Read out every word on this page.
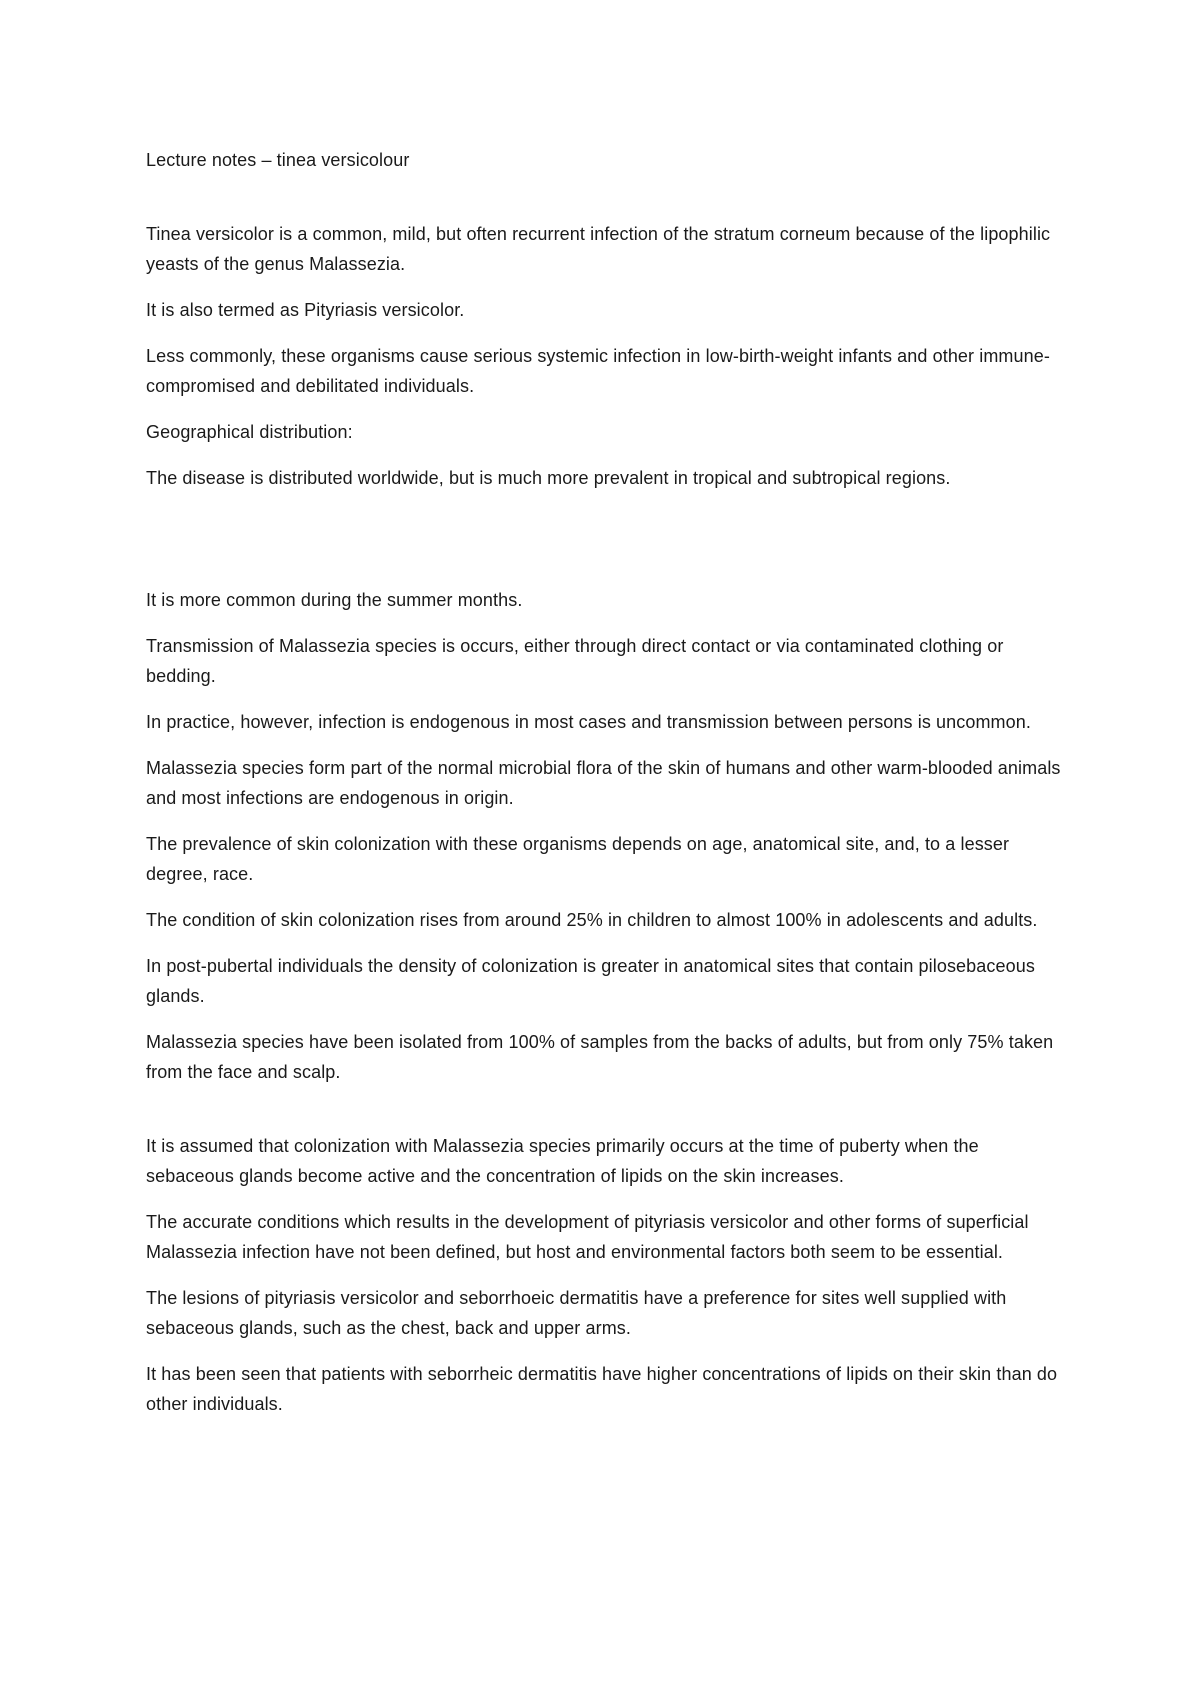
Lecture notes – tinea versicolour

Tinea versicolor is a common, mild, but often recurrent infection of the stratum corneum because of the lipophilic yeasts of the genus Malassezia.

It is also termed as Pityriasis versicolor.

Less commonly, these organisms cause serious systemic infection in low-birth-weight infants and other immune-compromised and debilitated individuals.

Geographical distribution:

The disease is distributed worldwide, but is much more prevalent in tropical and subtropical regions.

It is more common during the summer months.

Transmission of Malassezia species is occurs, either through direct contact or via contaminated clothing or bedding.

In practice, however, infection is endogenous in most cases and transmission between persons is uncommon.

Malassezia species form part of the normal microbial flora of the skin of humans and other warm-blooded animals and most infections are endogenous in origin.

The prevalence of skin colonization with these organisms depends on age, anatomical site, and, to a lesser degree, race.

The condition of skin colonization rises from around 25% in children to almost 100% in adolescents and adults.

In post-pubertal individuals the density of colonization is greater in anatomical sites that contain pilosebaceous glands.

Malassezia species have been isolated from 100% of samples from the backs of adults, but from only 75% taken from the face and scalp.

It is assumed that colonization with Malassezia species primarily occurs at the time of puberty when the sebaceous glands become active and the concentration of lipids on the skin increases.

The accurate conditions which results in the development of pityriasis versicolor and other forms of superficial Malassezia infection have not been defined, but host and environmental factors both seem to be essential.

The lesions of pityriasis versicolor and seborrhoeic dermatitis have a preference for sites well supplied with sebaceous glands, such as the chest, back and upper arms.

It has been seen that patients with seborrheic dermatitis have higher concentrations of lipids on their skin than do other individuals.
